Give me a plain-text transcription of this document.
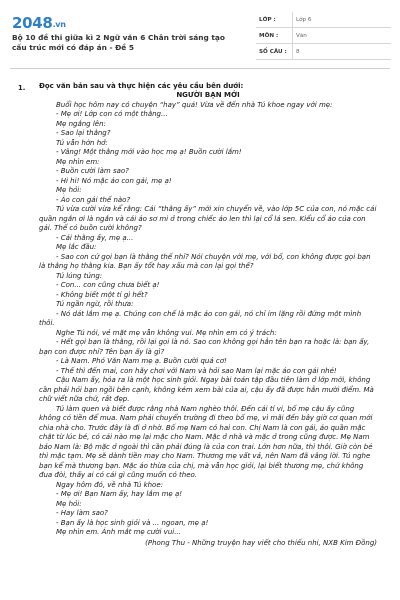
2048.vn
Bộ 10 đề thi giữa kì 2 Ngữ văn 6 Chân trời sáng tạo cấu trúc mới có đáp án - Đề 5
LỚP :	Lớp 6
MÔN :	Văn
SỐ CÂU :	8
1. Đọc văn bản sau và thực hiện các yêu cầu bên dưới:
NGƯỜI BẠN MỚI

Buổi học hôm nay có chuyện “hay” quá! Vừa về đến nhà Tú khoe ngay với mẹ:

- Mẹ ơi! Lớp con có một thằng...

Mẹ ngắng lên:

- Sao lại thằng?

Tú vẫn hớn hở:

- Vâng! Một thằng mới vào học mẹ ạ! Buồn cười lắm!

Mẹ nhìn em:

- Buồn cười làm sao?

- Hi hi! Nó mặc áo con gái, mẹ ạ!

Mẹ hỏi:

- Áo con gái thế nào?

Tú vừa cười vừa kể rằng: Cái “thằng ấy” mới xin chuyển về, vào lớp 5C của con, nó mặc cái quần ngắn ơi là ngắn và cái áo sơ mi ở trong chiếc áo len thì lại cổ lá sen. Kiểu cổ áo của con gái. Thế có buồn cười không?

- Cái thằng ấy, mẹ ạ...

Mẹ lắc đầu:

- Sao con cứ gọi bạn là thằng thế nhỉ? Nói chuyện với mẹ, với bố, con không được gọi bạn là thằng họ thằng kia. Bạn ấy tốt hay xấu mà con lại gọi thế?

Tú lúng túng:

- Con... con cũng chưa biết ạ!

- Không biết một tí gì hết?

Tú ngần ngừ, rồi thưa:

- Nó dát lắm mẹ ạ. Chúng con chế là mặc áo con gái, nó chỉ im lặng rồi đứng một mình thôi.

Nghe Tú nói, vẻ mặt mẹ vẫn không vui. Mẹ nhìn em có ý trách:

- Hết gọi bạn là thằng, rồi lại gọi là nó. Sao con không gọi hẳn tên bạn ra hoặc là: bạn ấy, bạn con được nhỉ? Tên bạn ấy là gì?

- Là Nam. Phó Văn Nam mẹ ạ. Buồn cười quá cơ!

- Thế thì đến mai, con hãy chơi với Nam và hỏi sao Nam lại mặc áo con gái nhé!

Cậu Nam ấy, hóa ra là một học sinh giỏi. Ngay bài toán tập đầu tiên làm ở lớp mới, không cần phải hỏi bạn ngồi bên cạnh, không kém xem bài của ai, cậu ấy đã được hẳn mười điểm. Mà chữ viết nữa chứ, rất đẹp.

Tú làm quen và biết được rằng nhà Nam nghèo thôi. Đến cái tí vi, bố mẹ cậu ấy cũng không có tiền để mua. Nam phải chuyển trường đi theo bố mẹ, vì mãi đến bây giờ cơ quan mới chia nhà cho. Trước đây là đi ở nhờ. Bố mẹ Nam có hai con. Chị Nam là con gái, áo quần mặc chật từ lúc bé, có cái nào mẹ lại mặc cho Nam. Mặc ở nhà và mặc ở trong cũng được. Mẹ Nam bảo Nam là: Bộ mặc ở ngoài thì cần phải đúng là của con trai. Lớn hơn nữa, thì thôi. Giờ còn bé thì mặc tạm. Mẹ sẽ dành tiền may cho Nam. Thương mẹ vất vả, nên Nam đã vâng lời. Tú nghe bạn kể mà thương bạn. Mặc áo thừa của chị, mà vẫn học giỏi, lại biết thương mẹ, chứ không đua đòi, thấy ai có cái gì cũng muốn có theo.

Ngay hôm đó, về nhà Tú khoe:

- Mẹ ơi! Bạn Nam ấy, hay lắm mẹ ạ!

Mẹ hỏi:

- Hay làm sao?

- Bạn ấy là học sinh giỏi và ... ngoan, mẹ ạ!

Mẹ nhìn em. Ánh mắt mẹ cười vui...

(Phong Thu - Những truyện hay viết cho thiếu nhi, NXB Kim Đồng)
